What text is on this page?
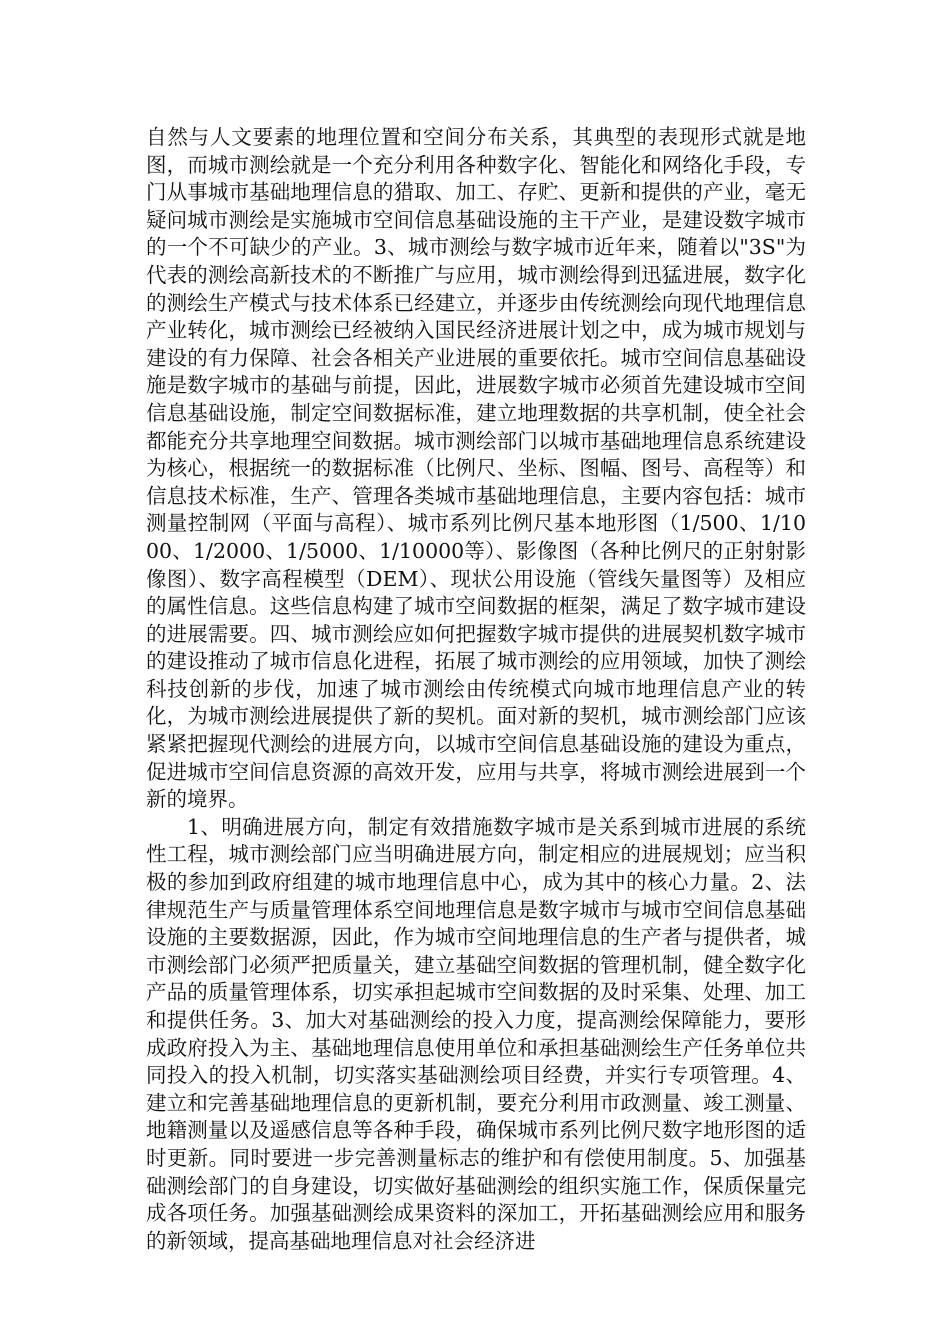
自然与人文要素的地理位置和空间分布关系，其典型的表现形式就是地图，而城市测绘就是一个充分利用各种数字化、智能化和网络化手段，专门从事城市基础地理信息的猎取、加工、存贮、更新和提供的产业，毫无疑问城市测绘是实施城市空间信息基础设施的主干产业，是建设数字城市的一个不可缺少的产业。3、城市测绘与数字城市近年来，随着以"3S"为代表的测绘高新技术的不断推广与应用，城市测绘得到迅猛进展，数字化的测绘生产模式与技术体系已经建立，并逐步由传统测绘向现代地理信息产业转化，城市测绘已经被纳入国民经济进展计划之中，成为城市规划与建设的有力保障、社会各相关产业进展的重要依托。城市空间信息基础设施是数字城市的基础与前提，因此，进展数字城市必须首先建设城市空间信息基础设施，制定空间数据标准，建立地理数据的共享机制，使全社会都能充分共享地理空间数据。城市测绘部门以城市基础地理信息系统建设为核心，根据统一的数据标准（比例尺、坐标、图幅、图号、高程等）和信息技术标准，生产、管理各类城市基础地理信息，主要内容包括：城市测量控制网（平面与高程）、城市系列比例尺基本地形图（1/500、1/1000、1/2000、1/5000、1/10000等）、影像图（各种比例尺的正射射影像图）、数字高程模型（DEM）、现状公用设施（管线矢量图等）及相应的属性信息。这些信息构建了城市空间数据的框架，满足了数字城市建设的进展需要。四、城市测绘应如何把握数字城市提供的进展契机数字城市的建设推动了城市信息化进程，拓展了城市测绘的应用领域，加快了测绘科技创新的步伐，加速了城市测绘由传统模式向城市地理信息产业的转化，为城市测绘进展提供了新的契机。面对新的契机，城市测绘部门应该紧紧把握现代测绘的进展方向，以城市空间信息基础设施的建设为重点，促进城市空间信息资源的高效开发，应用与共享，将城市测绘进展到一个新的境界。

1、明确进展方向，制定有效措施数字城市是关系到城市进展的系统性工程，城市测绘部门应当明确进展方向，制定相应的进展规划；应当积极的参加到政府组建的城市地理信息中心，成为其中的核心力量。2、法律规范生产与质量管理体系空间地理信息是数字城市与城市空间信息基础设施的主要数据源，因此，作为城市空间地理信息的生产者与提供者，城市测绘部门必须严把质量关，建立基础空间数据的管理机制，健全数字化产品的质量管理体系，切实承担起城市空间数据的及时采集、处理、加工和提供任务。3、加大对基础测绘的投入力度，提高测绘保障能力，要形成政府投入为主、基础地理信息使用单位和承担基础测绘生产任务单位共同投入的投入机制，切实落实基础测绘项目经费，并实行专项管理。4、建立和完善基础地理信息的更新机制，要充分利用市政测量、竣工测量、地籍测量以及遥感信息等各种手段，确保城市系列比例尺数字地形图的适时更新。同时要进一步完善测量标志的维护和有偿使用制度。5、加强基础测绘部门的自身建设，切实做好基础测绘的组织实施工作，保质保量完成各项任务。加强基础测绘成果资料的深加工，开拓基础测绘应用和服务的新领域，提高基础地理信息对社会经济进
